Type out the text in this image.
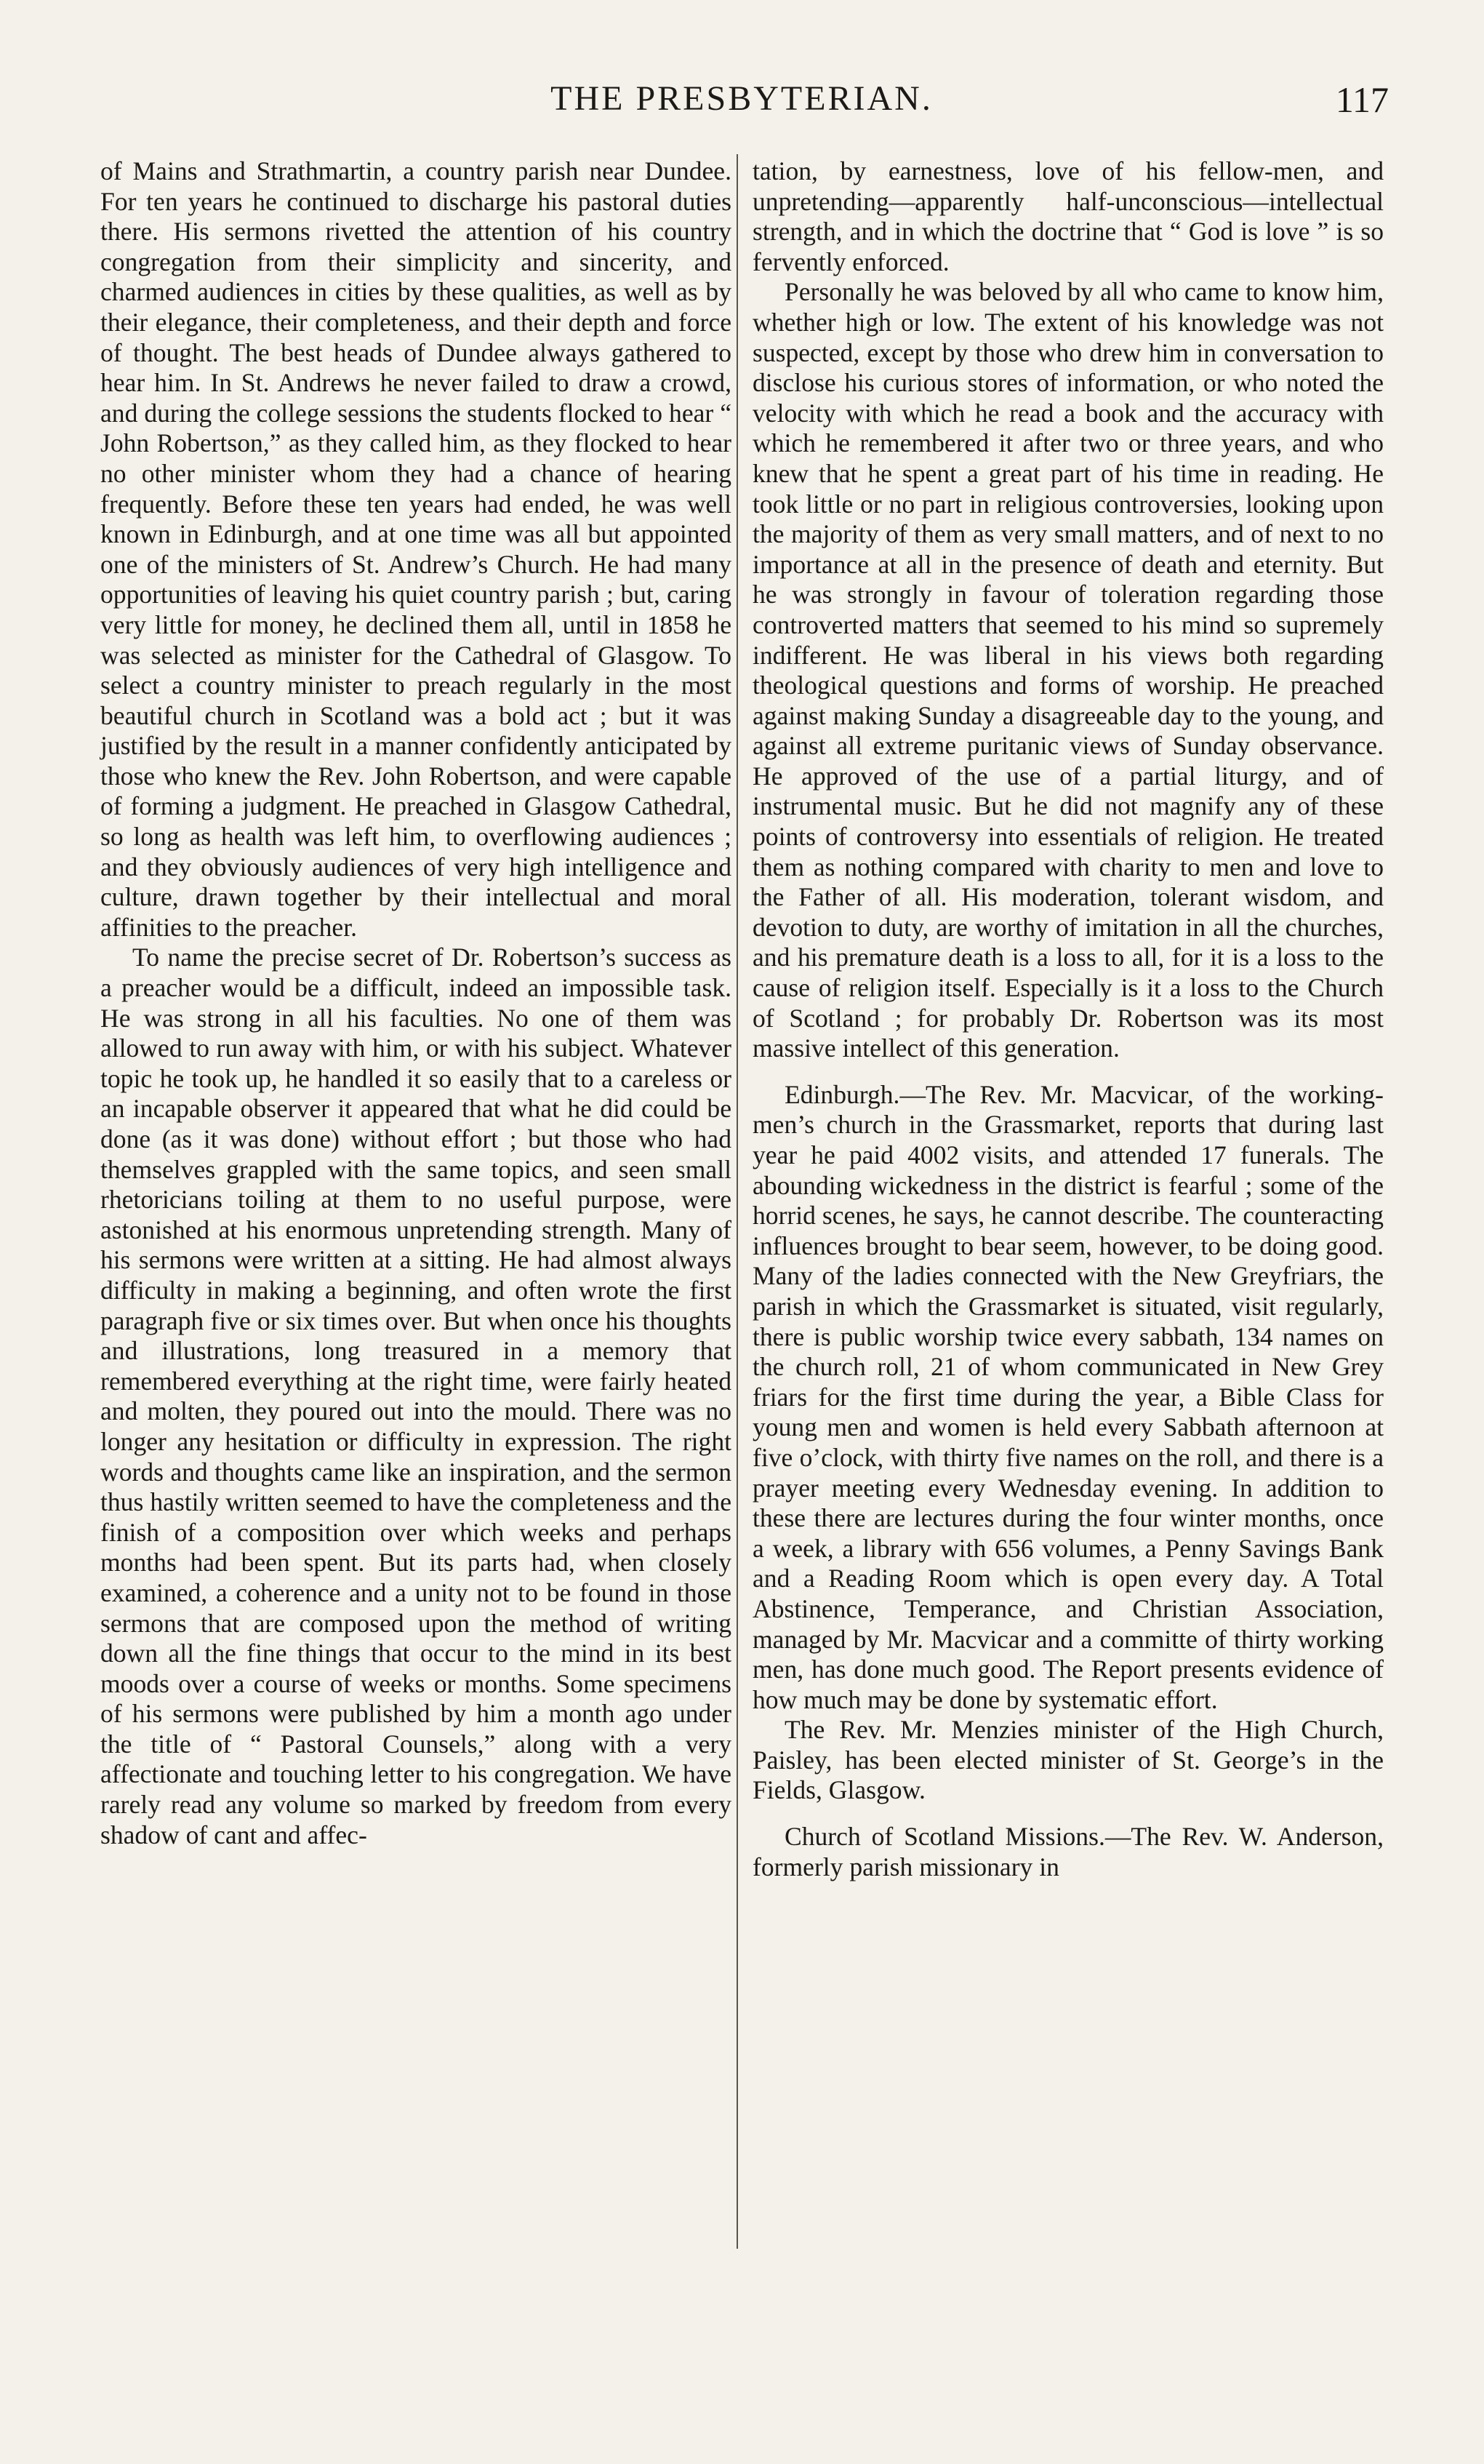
THE PRESBYTERIAN.	117

of Mains and Strathmartin, a country parish near Dundee. For ten years he continued to discharge his pastoral duties there. His sermons rivetted the attention of his country congregation from their simplicity and sincerity, and charmed audiences in cities by these qualities, as well as by their elegance, their completeness, and their depth and force of thought. The best heads of Dundee always gathered to hear him. In St. Andrews he never failed to draw a crowd, and during the college sessions the students flocked to hear “ John Robertson,” as they called him, as they flocked to hear no other minister whom they had a chance of hearing frequently. Before these ten years had ended, he was well known in Edinburgh, and at one time was all but appointed one of the ministers of St. Andrew’s Church. He had many opportunities of leaving his quiet country parish ; but, caring very little for money, he declined them all, until in 1858 he was selected as minister for the Cathedral of Glasgow. To select a country minister to preach regularly in the most beautiful church in Scotland was a bold act ; but it was justified by the result in a manner confidently anticipated by those who knew the Rev. John Robertson, and were capable of forming a judgment. He preached in Glasgow Cathedral, so long as health was left him, to overflowing audiences ; and they obviously audiences of very high intelligence and culture, drawn together by their intellectual and moral affinities to the preacher.

To name the precise secret of Dr. Robertson’s success as a preacher would be a difficult, indeed an impossible task. He was strong in all his faculties. No one of them was allowed to run away with him, or with his subject. Whatever topic he took up, he handled it so easily that to a careless or an incapable observer it appeared that what he did could be done (as it was done) without effort ; but those who had themselves grappled with the same topics, and seen small rhetoricians toiling at them to no useful purpose, were astonished at his enormous unpretending strength. Many of his sermons were written at a sitting. He had almost always difficulty in making a beginning, and often wrote the first paragraph five or six times over. But when once his thoughts and illustrations, long treasured in a memory that remembered everything at the right time, were fairly heated and molten, they poured out into the mould. There was no longer any hesitation or difficulty in expression. The right words and thoughts came like an inspiration, and the sermon thus hastily written seemed to have the completeness and the finish of a composition over which weeks and perhaps months had been spent. But its parts had, when closely examined, a coherence and a unity not to be found in those sermons that are composed upon the method of writing down all the fine things that occur to the mind in its best moods over a course of weeks or months. Some specimens of his sermons were published by him a month ago under the title of “ Pastoral Counsels,” along with a very affectionate and touching letter to his congregation. We have rarely read any volume so marked by freedom from every shadow of cant and affec-

tation, by earnestness, love of his fellow-men, and unpretending—apparently half-unconscious—intellectual strength, and in which the doctrine that “ God is love ” is so fervently enforced.

Personally he was beloved by all who came to know him, whether high or low. The extent of his knowledge was not suspected, except by those who drew him in conversation to disclose his curious stores of information, or who noted the velocity with which he read a book and the accuracy with which he remembered it after two or three years, and who knew that he spent a great part of his time in reading. He took little or no part in religious controversies, looking upon the majority of them as very small matters, and of next to no importance at all in the presence of death and eternity. But he was strongly in favour of toleration regarding those controverted matters that seemed to his mind so supremely indifferent. He was liberal in his views both regarding theological questions and forms of worship. He preached against making Sunday a disagreeable day to the young, and against all extreme puritanic views of Sunday observance. He approved of the use of a partial liturgy, and of instrumental music. But he did not magnify any of these points of controversy into essentials of religion. He treated them as nothing compared with charity to men and love to the Father of all. His moderation, tolerant wisdom, and devotion to duty, are worthy of imitation in all the churches, and his premature death is a loss to all, for it is a loss to the cause of religion itself. Especially is it a loss to the Church of Scotland ; for probably Dr. Robertson was its most massive intellect of this generation.

Edinburgh.—The Rev. Mr. Macvicar, of the working-men’s church in the Grassmarket, reports that during last year he paid 4002 visits, and attended 17 funerals. The abounding wickedness in the district is fearful ; some of the horrid scenes, he says, he cannot describe. The counteracting influences brought to bear seem, however, to be doing good. Many of the ladies connected with the New Greyfriars, the parish in which the Grassmarket is situated, visit regularly, there is public worship twice every sabbath, 134 names on the church roll, 21 of whom communicated in New Grey friars for the first time during the year, a Bible Class for young men and women is held every Sabbath afternoon at five o’clock, with thirty five names on the roll, and there is a prayer meeting every Wednesday evening. In addition to these there are lectures during the four winter months, once a week, a library with 656 volumes, a Penny Savings Bank and a Reading Room which is open every day. A Total Abstinence, Temperance, and Christian Association, managed by Mr. Macvicar and a committe of thirty working men, has done much good. The Report presents evidence of how much may be done by systematic effort.

The Rev. Mr. Menzies minister of the High Church, Paisley, has been elected minister of St. George’s in the Fields, Glasgow.

Church of Scotland Missions.—The Rev. W. Anderson, formerly parish missionary in
